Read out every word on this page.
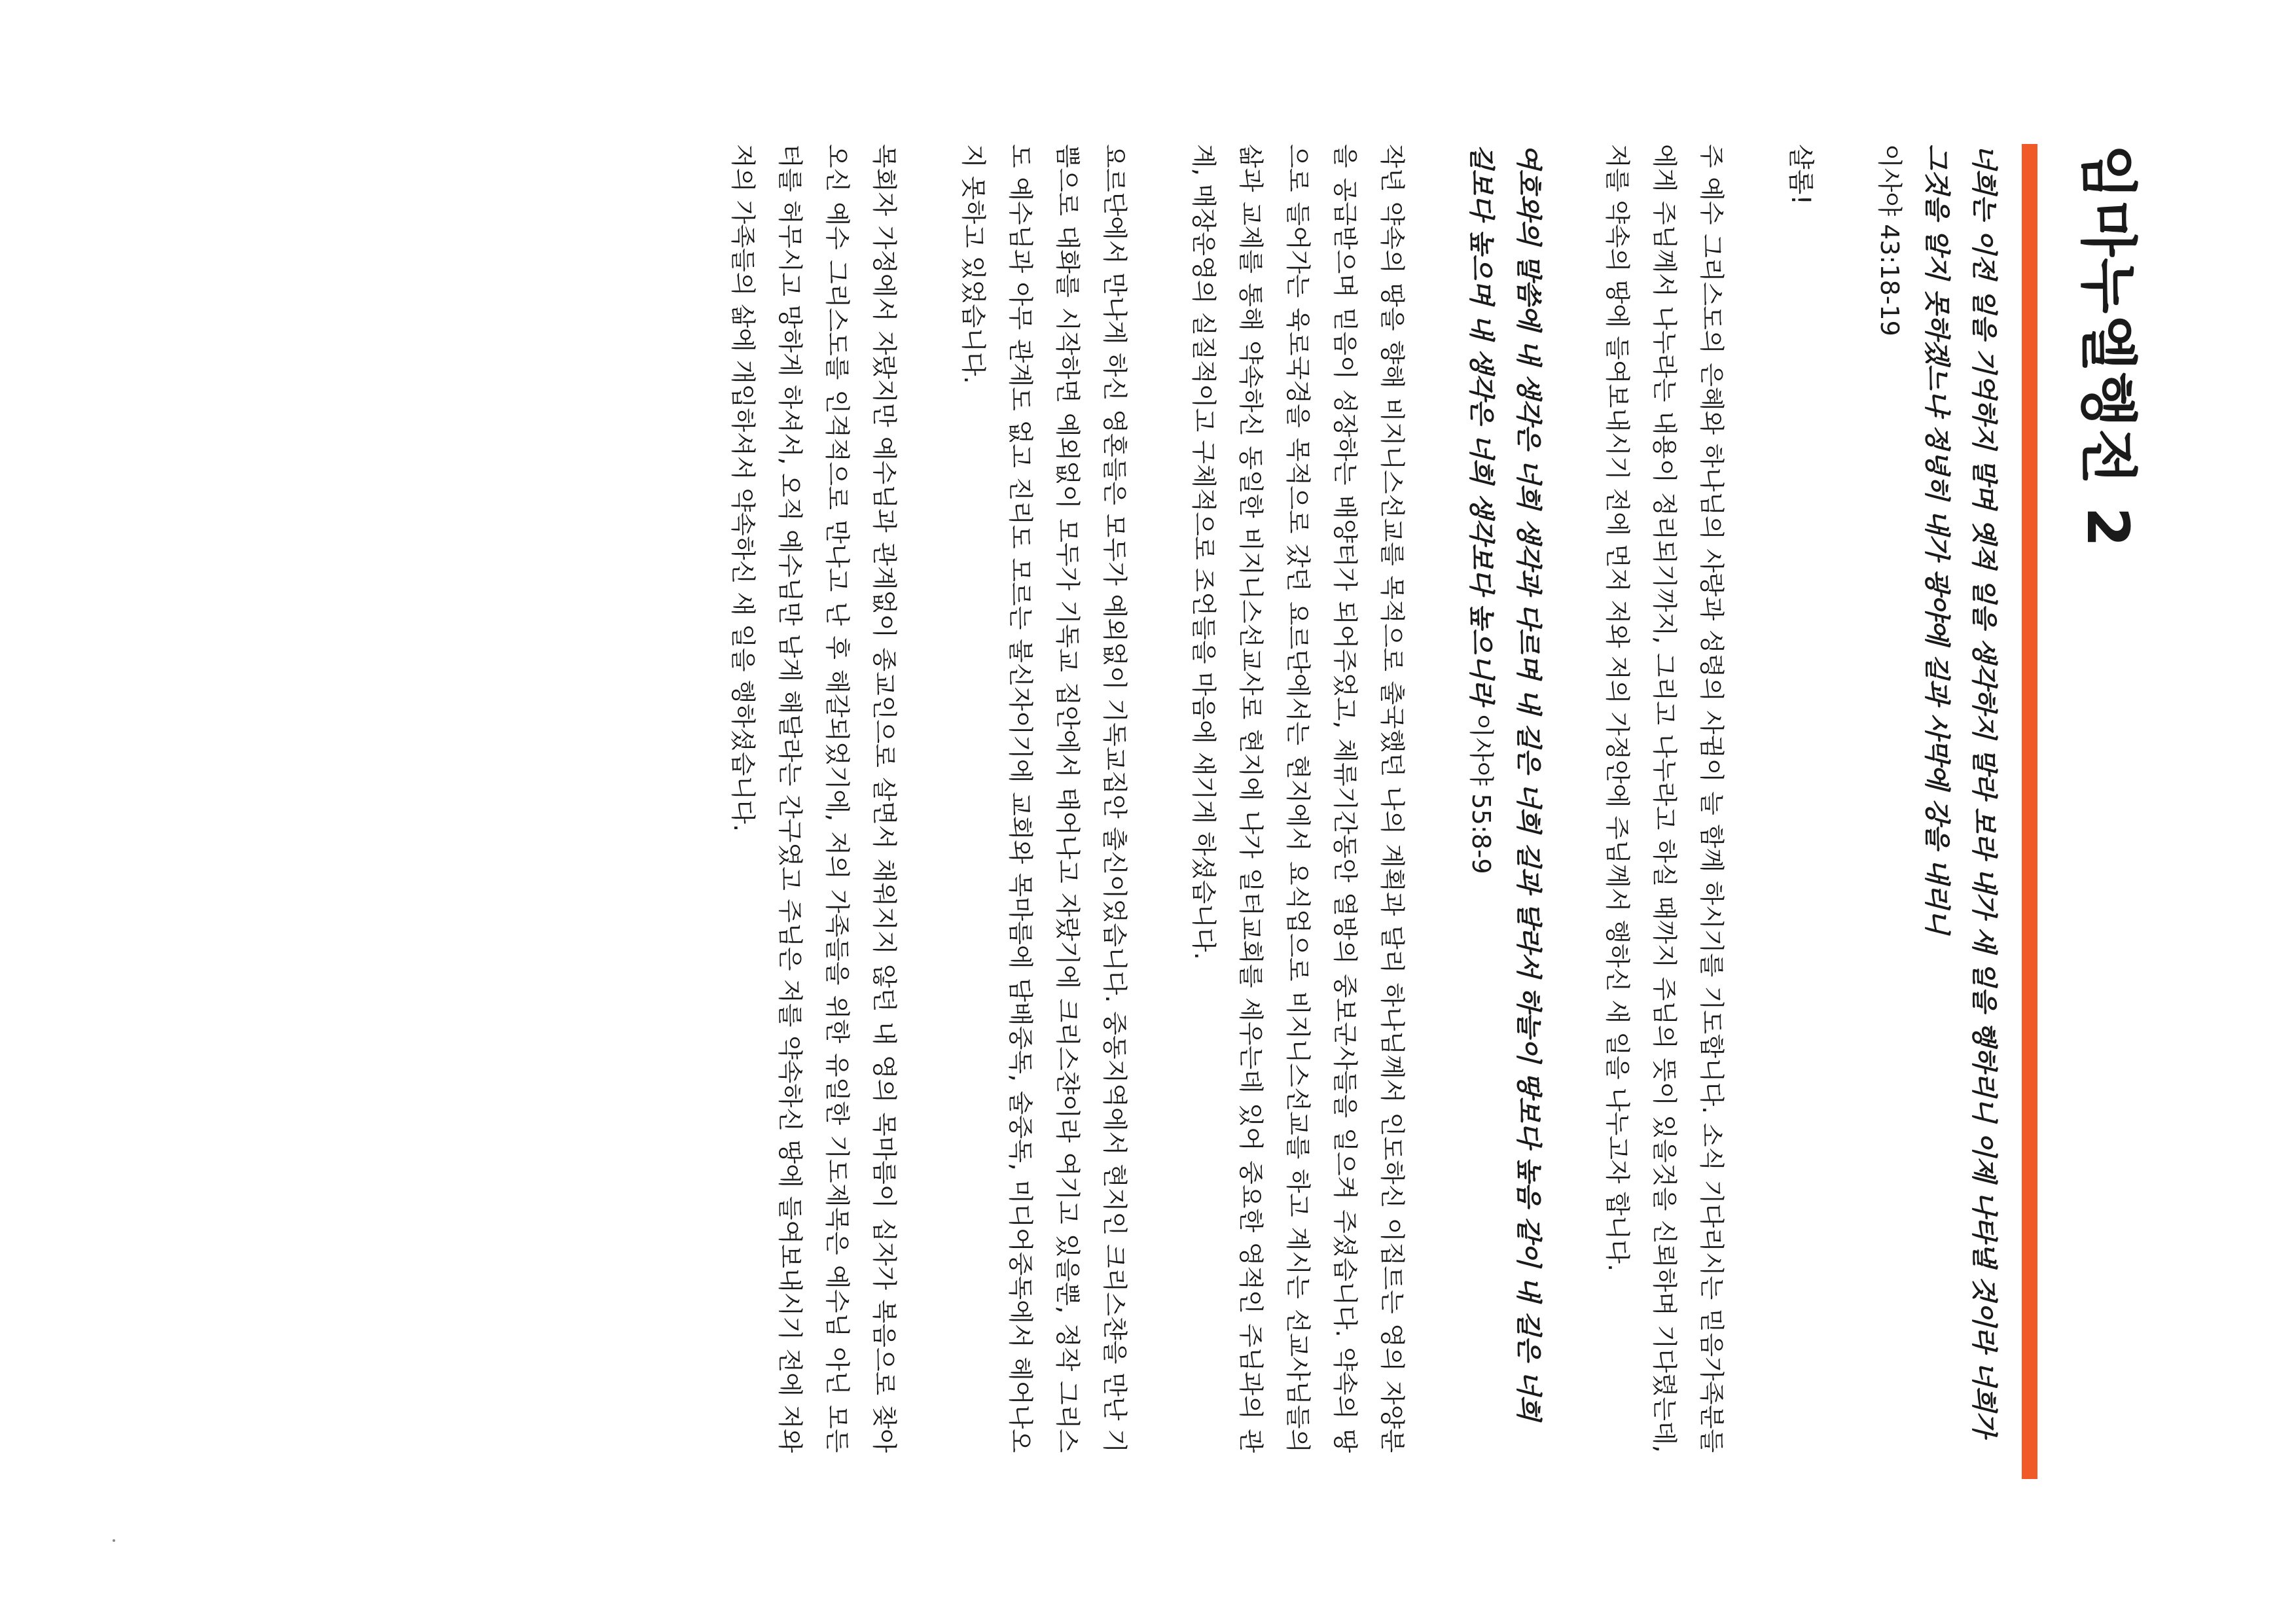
임마누엘행전 2

너희는 이전 일을 기억하지 말며 옛적 일을 생각하지 말라 보라 내가 새 일을 행하리니 이제 나타낼 것이라 너희가 그것을 알지 못하겠느냐 정녕히 내가 광야에 길과 사막에 강을 내리니

이사야 43:18-19

샬롬!

주 예수 그리스도의 은혜와 하나님의 사랑과 성령의 사귐이 늘 함께 하시기를 기도합니다. 소식 기다리시는 믿음가족분들에게 주님께서 나누라는 내용이 정리되기까지, 그리고 나누라고 하실 때까지 주님의 뜻이 있을것을 신뢰하며 기다렸는데, 저를 약속의 땅에 들여보내시기 전에 먼저 저와 저의 가정안에 주님께서 행하신 새 일을 나누고자 합니다.

여호와의 말씀에 내 생각은 너희 생각과 다르며 내 길은 너희 길과 달라서 하늘이 땅보다 높음 같이 내 길은 너희 길보다 높으며 내 생각은 너희 생각보다 높으니라 이사야 55:8-9

작년 약속의 땅을 향해 비지니스선교를 목적으로 출국했던 나의 계획과 달리 하나님께서 인도하신 이집트는 영의 자양분을 공급받으며 믿음이 성장하는 배양터가 되어주었고, 체류기간동안 열방의 중보군사들을 일으켜 주셨습니다. 약속의 땅으로 들어가는 육로국경을 목적으로 갔던 요르단에서는 현지에서 요식업으로 비지니스선교를 하고 계시는 선교사님들의 삶과 교제를 통해 약속하신 동일한 비지니스선교사로 현지에 나가 일터교회를 세우는데 있어 중요한 영적인 주님과의 관계, 매장운영의 실질적이고 구체적으로 조언들을 마음에 새기게 하셨습니다.

요르단에서 만나게 하신 영혼들은 모두가 예외없이 기독교집안 출신이었습니다. 중동지역에서 현지인 크리스챤을 만난 기쁨으로 대화를 시작하면 예외없이 모두가 기독교 집안에서 태어나고 자랐기에 크리스챤이라 여기고 있을뿐, 정작 그리스도 예수님과 아무 관계도 없고 진리도 모르는 불신자이기에 교회와 목마름에 담배중독, 술중독, 미디어중독에서 헤어나오지 못하고 있었습니다.

목회자 가정에서 자랐지만 예수님과 관계없이 종교인으로 살면서 채워지지 않던 내 영의 목마름이 십자가 복음으로 찾아오신 예수 그리스도를 인격적으로 만나고 난 후 해갈되었기에, 저의 가족들을 위한 유일한 기도제목은 예수님 아닌 모든 터를 허무시고 망하게 하셔서, 오직 예수님만 남게 해달라는 간구였고 주님은 저를 약속하신 땅에 들여보내시기 전에 저와 저의 가족들의 삶에 개입하셔서 약속하신 새 일을 행하셨습니다.
